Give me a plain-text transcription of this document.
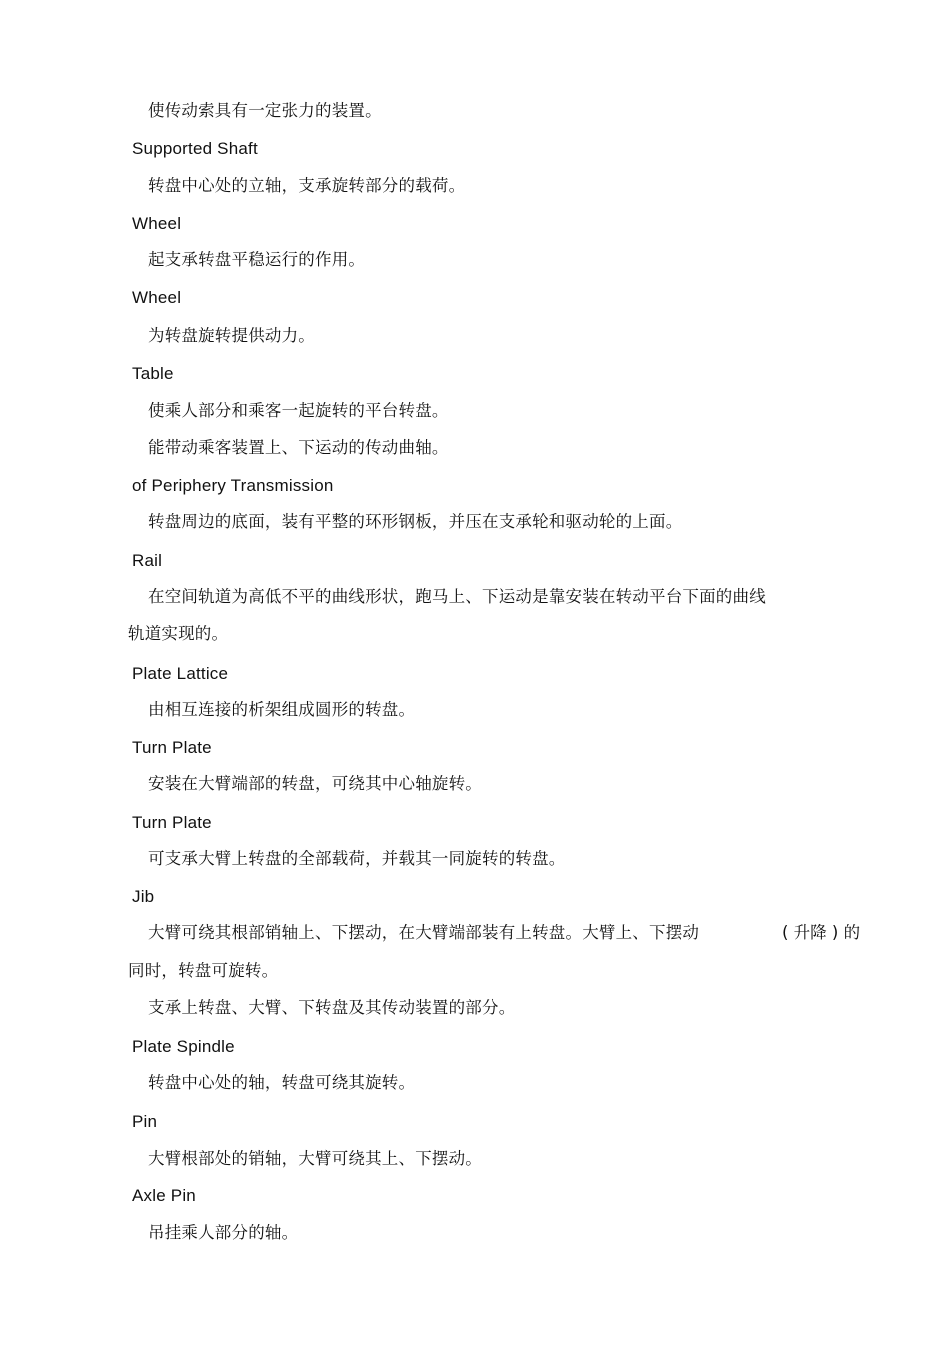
使传动索具有一定张力的装置。
Supported Shaft
转盘中心处的立轴，支承旋转部分的载荷。
Wheel
起支承转盘平稳运行的作用。
Wheel
为转盘旋转提供动力。
Table
使乘人部分和乘客一起旋转的平台转盘。
能带动乘客装置上、下运动的传动曲轴。
of Periphery Transmission
转盘周边的底面，装有平整的环形钢板，并压在支承轮和驱动轮的上面。
Rail
在空间轨道为高低不平的曲线形状，跑马上、下运动是靠安装在转动平台下面的曲线
轨道实现的。
Plate Lattice
由相互连接的析架组成圆形的转盘。
Turn Plate
安装在大臂端部的转盘，可绕其中心轴旋转。
Turn Plate
可支承大臂上转盘的全部载荷，并载其一同旋转的转盘。
Jib
大臂可绕其根部销轴上、下摆动，在大臂端部装有上转盘。大臂上、下摆动	( 升降 ) 的
同时，转盘可旋转。
支承上转盘、大臂、下转盘及其传动装置的部分。
Plate Spindle
转盘中心处的轴，转盘可绕其旋转。
Pin
大臂根部处的销轴，大臂可绕其上、下摆动。
Axle Pin
吊挂乘人部分的轴。
